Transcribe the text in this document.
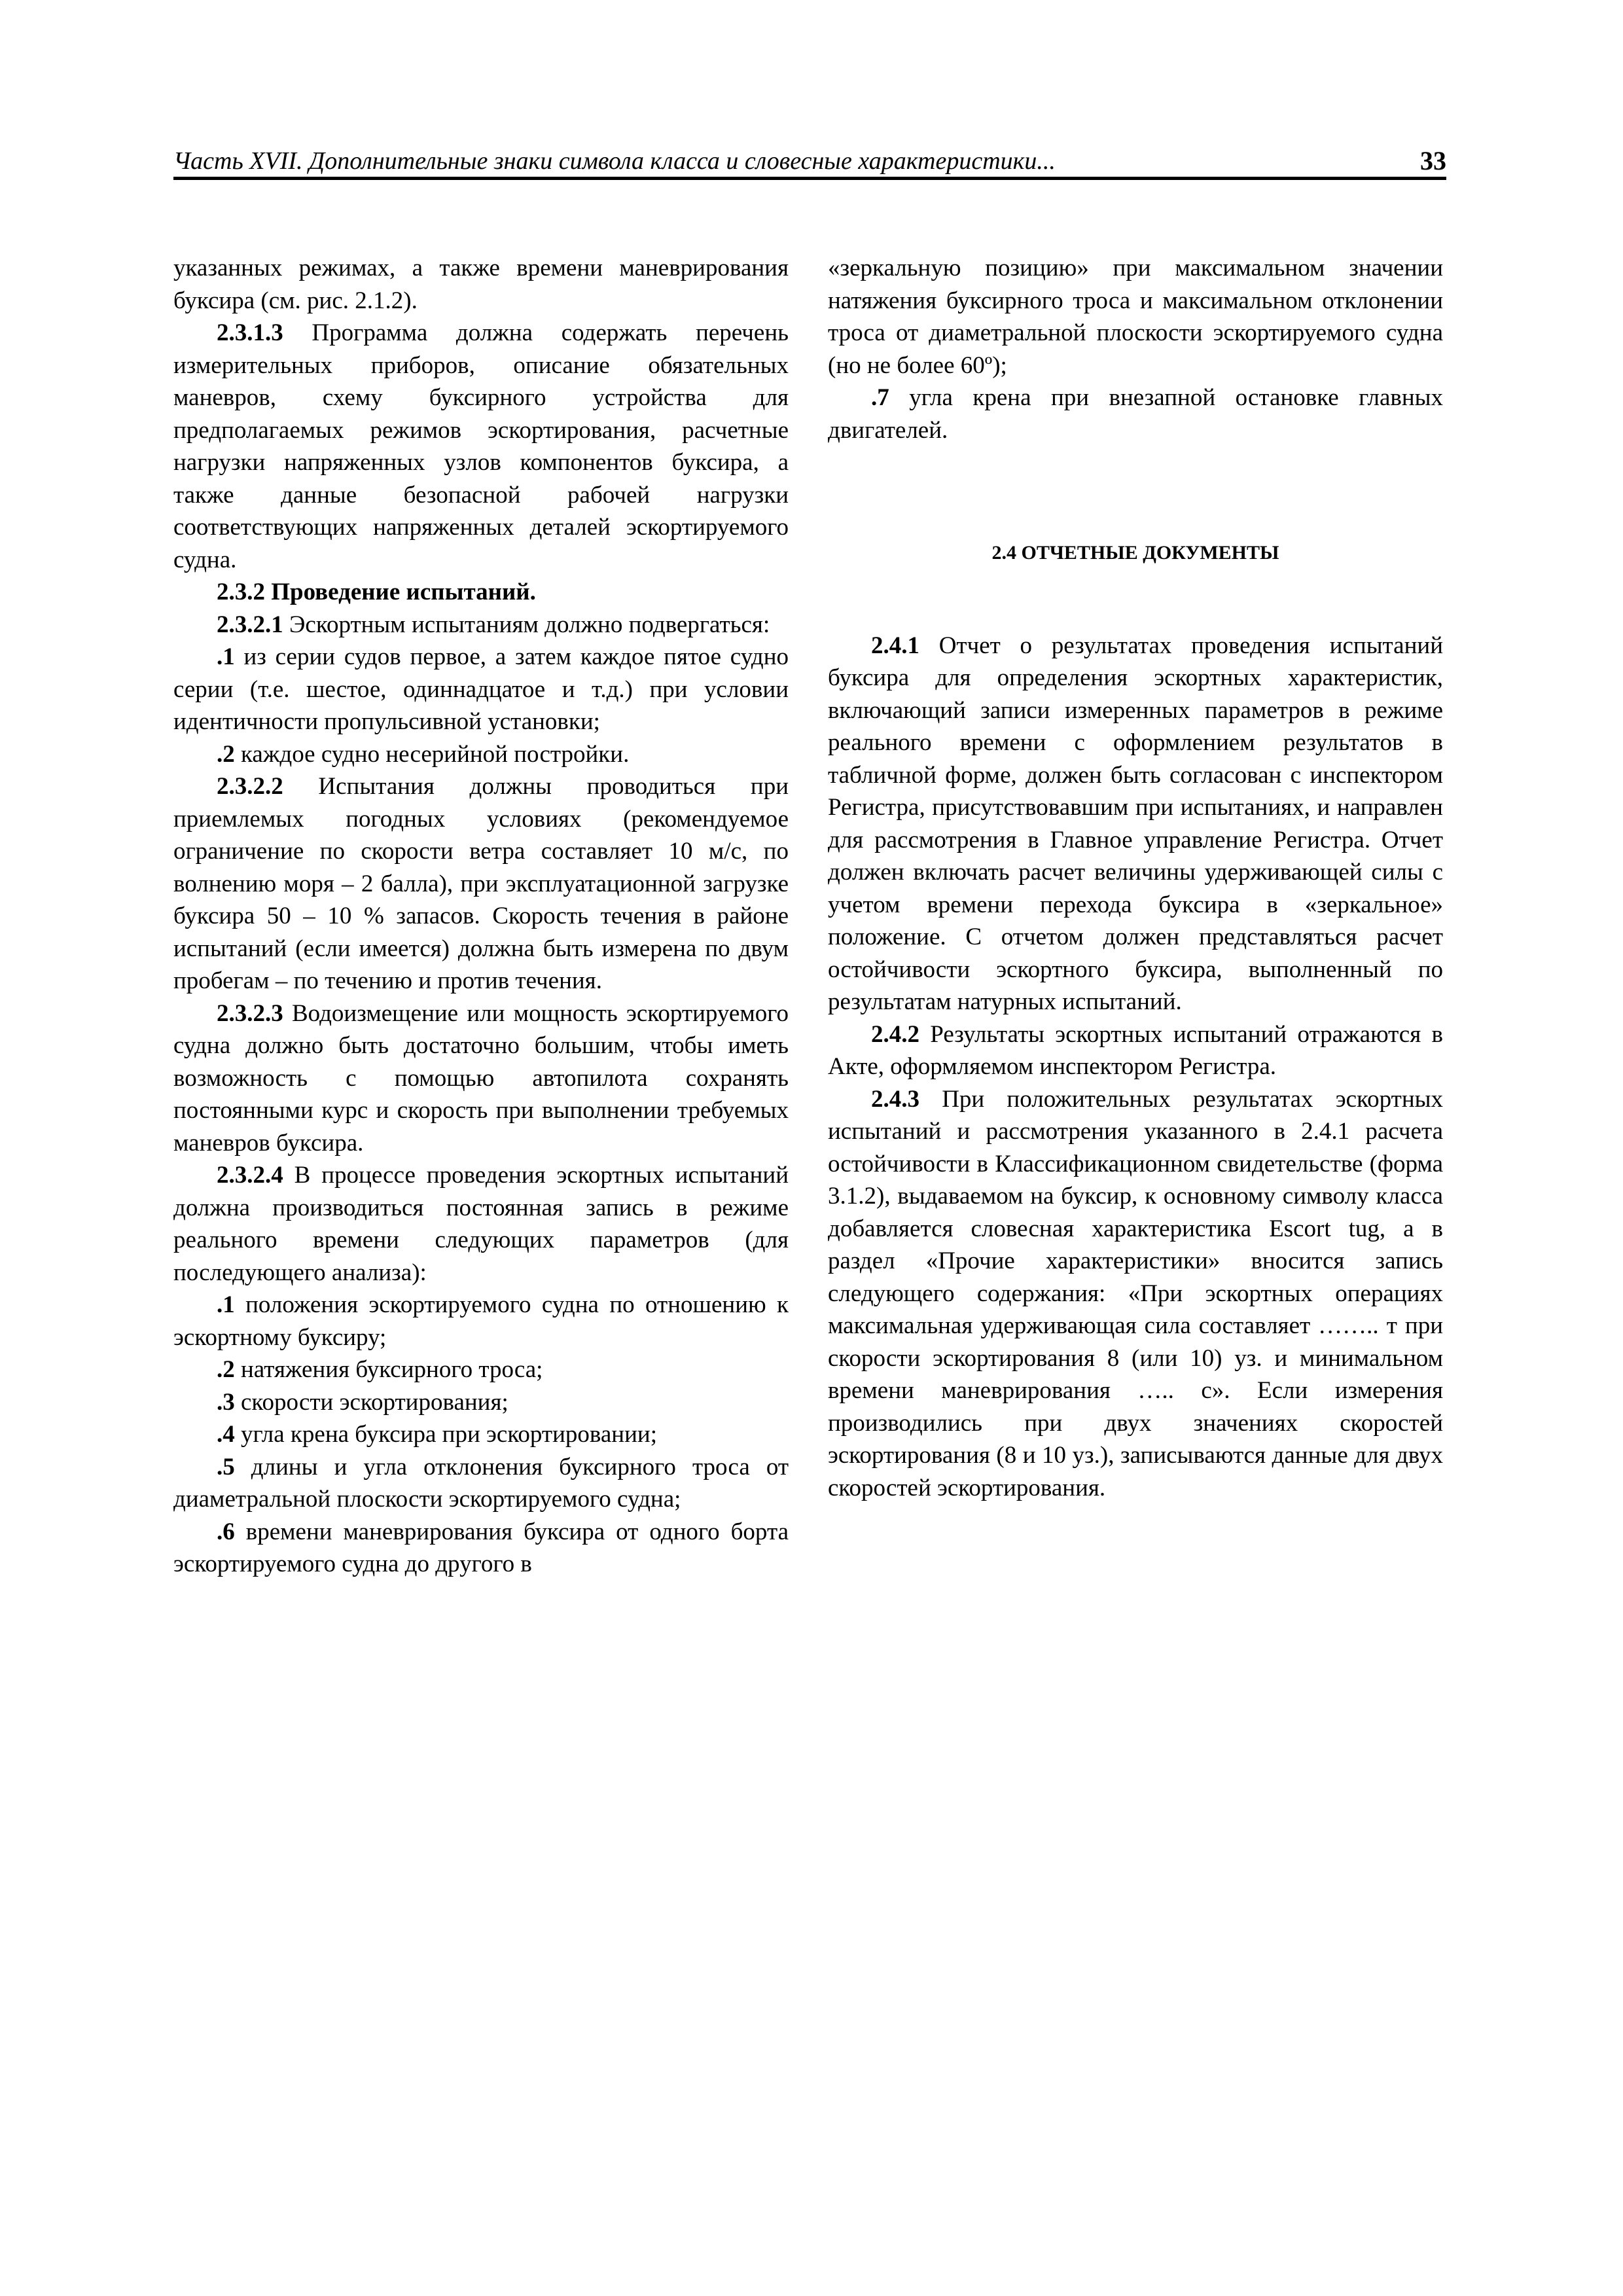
Часть XVII. Дополнительные знаки символа класса и словесные характеристики...	33

указанных режимах, а также времени маневрирования буксира (см. рис. 2.1.2).

2.3.1.3 Программа должна содержать перечень измерительных приборов, описание обязательных маневров, схему буксирного устройства для предполагаемых режимов эскортирования, расчетные нагрузки напряженных узлов компонентов буксира, а также данные безопасной рабочей нагрузки соответствующих напряженных деталей эскортируемого судна.

2.3.2 Проведение испытаний.

2.3.2.1 Эскортным испытаниям должно подвергаться:

.1 из серии судов первое, а затем каждое пятое судно серии (т.е. шестое, одиннадцатое и т.д.) при условии идентичности пропульсивной установки;

.2 каждое судно несерийной постройки.

2.3.2.2 Испытания должны проводиться при приемлемых погодных условиях (рекомендуемое ограничение по скорости ветра составляет 10 м/с, по волнению моря – 2 балла), при эксплуатационной загрузке буксира 50 – 10 % запасов. Скорость течения в районе испытаний (если имеется) должна быть измерена по двум пробегам – по течению и против течения.

2.3.2.3 Водоизмещение или мощность эскортируемого судна должно быть достаточно большим, чтобы иметь возможность с помощью автопилота сохранять постоянными курс и скорость при выполнении требуемых маневров буксира.

2.3.2.4 В процессе проведения эскортных испытаний должна производиться постоянная запись в режиме реального времени следующих параметров (для последующего анализа):

.1 положения эскортируемого судна по отношению к эскортному буксиру;

.2 натяжения буксирного троса;

.3 скорости эскортирования;

.4 угла крена буксира при эскортировании;

.5 длины и угла отклонения буксирного троса от диаметральной плоскости эскортируемого судна;

.6 времени маневрирования буксира от одного борта эскортируемого судна до другого в

«зеркальную позицию» при максимальном значении натяжения буксирного троса и максимальном отклонении троса от диаметральной плоскости эскортируемого судна (но не более 60º);

.7 угла крена при внезапной остановке главных двигателей.

2.4 ОТЧЕТНЫЕ ДОКУМЕНТЫ

2.4.1 Отчет о результатах проведения испытаний буксира для определения эскортных характеристик, включающий записи измеренных параметров в режиме реального времени с оформлением результатов в табличной форме, должен быть согласован с инспектором Регистра, присутствовавшим при испытаниях, и направлен для рассмотрения в Главное управление Регистра. Отчет должен включать расчет величины удерживающей силы с учетом времени перехода буксира в «зеркальное» положение. С отчетом должен представляться расчет остойчивости эскортного буксира, выполненный по результатам натурных испытаний.

2.4.2 Результаты эскортных испытаний отражаются в Акте, оформляемом инспектором Регистра.

2.4.3 При положительных результатах эскортных испытаний и рассмотрения указанного в 2.4.1 расчета остойчивости в Классификационном свидетельстве (форма 3.1.2), выдаваемом на буксир, к основному символу класса добавляется словесная характеристика Escort tug, а в раздел «Прочие характеристики» вносится запись следующего содержания: «При эскортных операциях максимальная удерживающая сила составляет …….. т при скорости эскортирования 8 (или 10) уз. и минимальном времени маневрирования ….. с». Если измерения производились при двух значениях скоростей эскортирования (8 и 10 уз.), записываются данные для двух скоростей эскортирования.
